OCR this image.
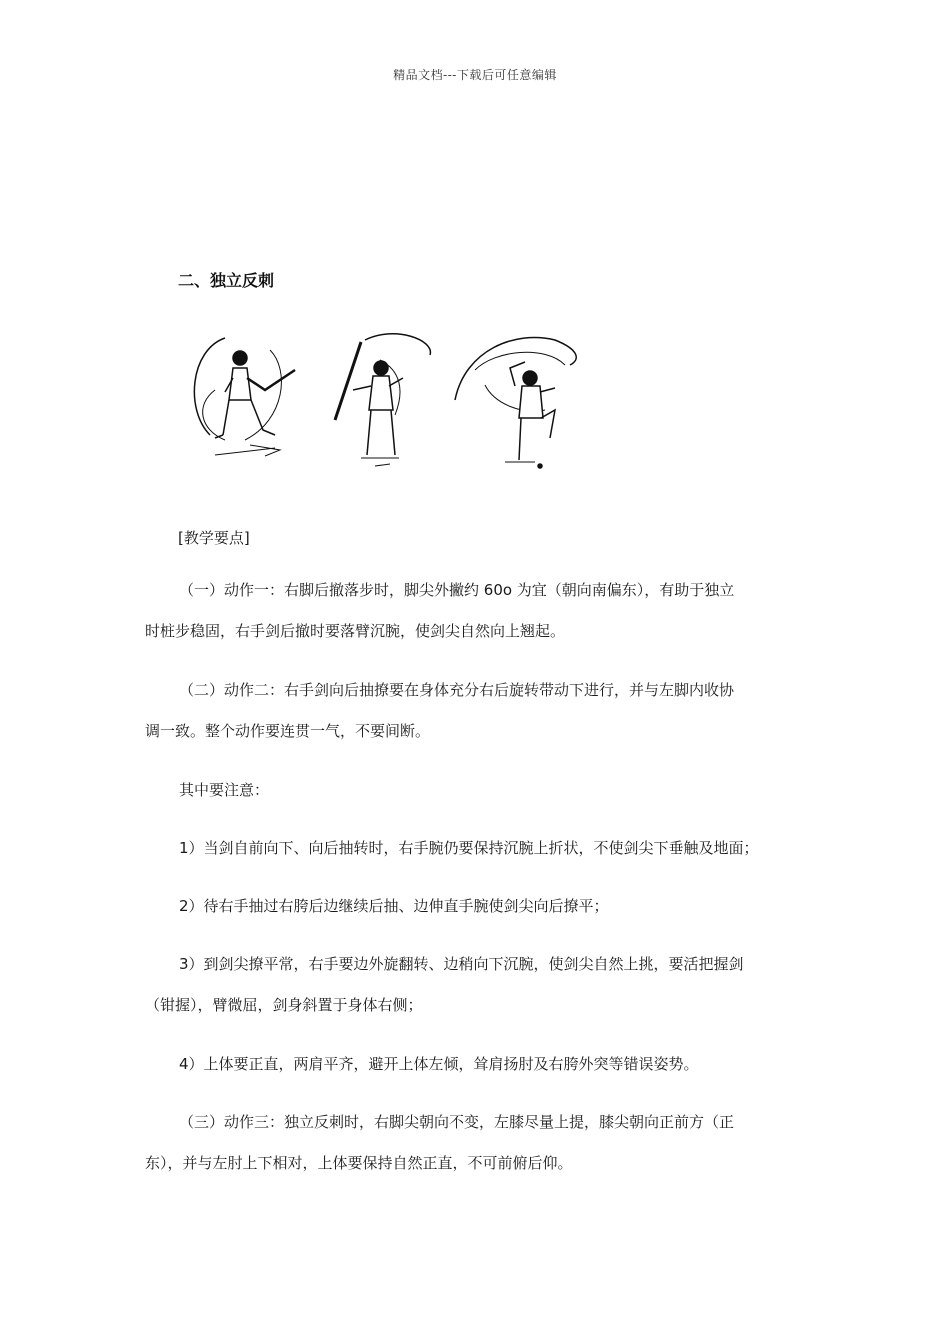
精品文档---下载后可任意编辑
二、独立反刺

[教学要点]

（一）动作一：右脚后撤落步时，脚尖外撇约 60o 为宜（朝向南偏东），有助于独立
时桩步稳固，右手剑后撤时要落臂沉腕，使剑尖自然向上翘起。

（二）动作二：右手剑向后抽撩要在身体充分右后旋转带动下进行，并与左脚内收协
调一致。整个动作要连贯一气，不要间断。

其中要注意：

1）当剑自前向下、向后抽转时，右手腕仍要保持沉腕上折状，不使剑尖下垂触及地面；

2）待右手抽过右胯后边继续后抽、边伸直手腕使剑尖向后撩平；

3）到剑尖撩平常，右手要边外旋翻转、边稍向下沉腕，使剑尖自然上挑，要活把握剑
（钳握），臂微屈，剑身斜置于身体右侧；

4）上体要正直，两肩平齐，避开上体左倾，耸肩扬肘及右胯外突等错误姿势。

（三）动作三：独立反刺时，右脚尖朝向不变，左膝尽量上提，膝尖朝向正前方（正
东），并与左肘上下相对，上体要保持自然正直，不可前俯后仰。
